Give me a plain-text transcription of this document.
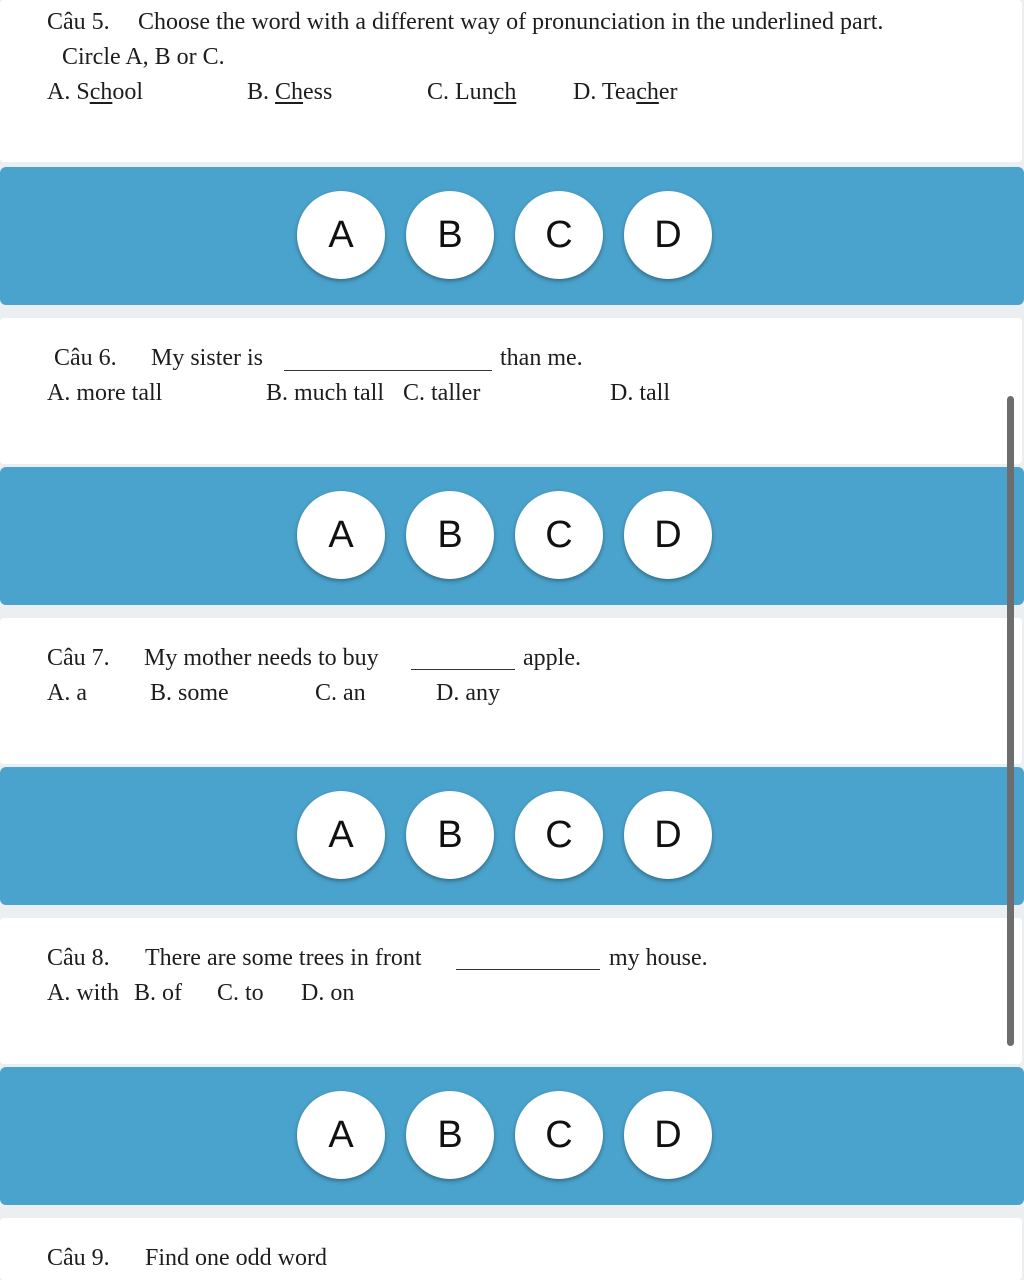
Câu 5. Choose the word with a different way of pronunciation in the underlined part.
Circle A, B or C.
A. School	B. Chess	C. Lunch D. Teacher
A	B	C	D
Câu 6. My sister is	than me.
A. more tall	B. much tall C. taller	D. tall
A	B	C	D
Câu 7. My mother needs to buy	apple.
A. a	B. some	C. an	D. any
A	B	C	D
Câu 8. There are some trees in front	my house.
A. with B. of C. to D. on
A	B	C	D
Câu 9. Find one odd word
